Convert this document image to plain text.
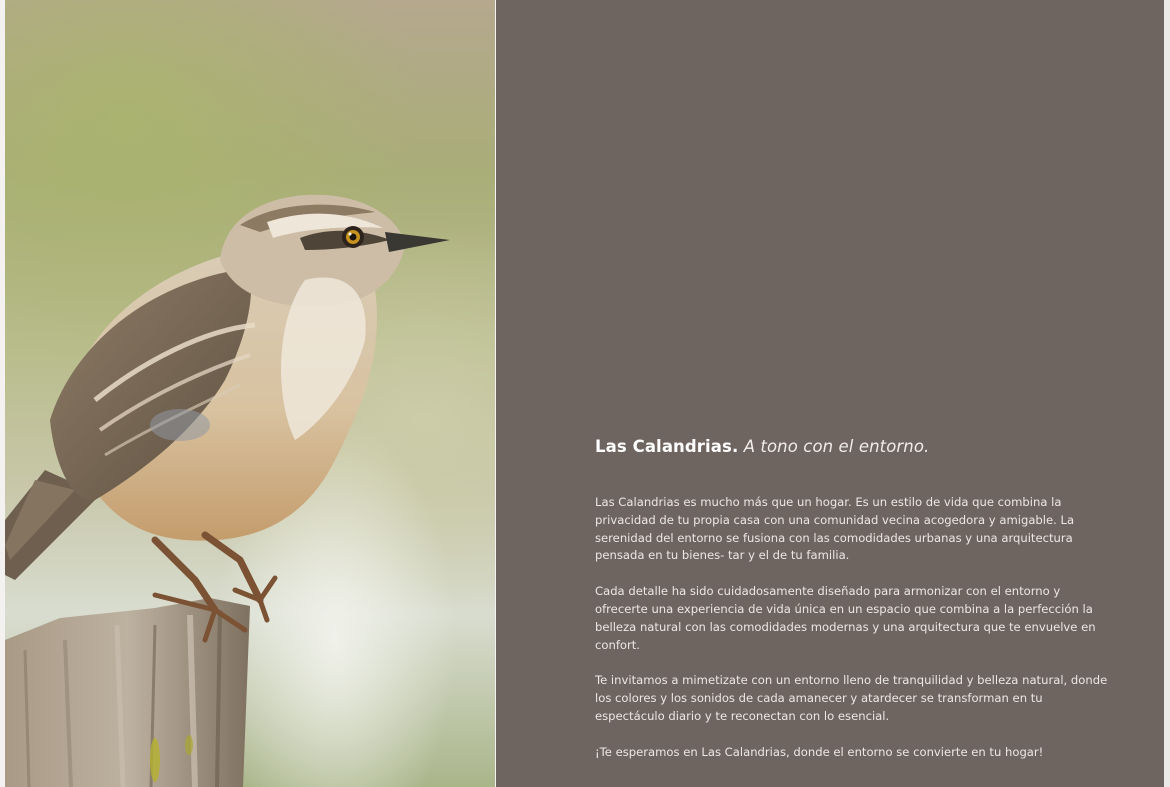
Las Calandrias. A tono con el entorno.

Las Calandrias es mucho más que un hogar. Es un estilo de vida que combina la privacidad de tu propia casa con una comunidad vecina acogedora y amigable. La serenidad del entorno se fusiona con las comodidades urbanas y una arquitectura pensada en tu bienes- tar y el de tu familia.

Cada detalle ha sido cuidadosamente diseñado para armonizar con el entorno y ofrecerte una experiencia de vida única en un espacio que combina a la perfección la belleza natural con las comodidades modernas y una arquitectura que te envuelve en confort.

Te invitamos a mimetizate con un entorno lleno de tranquilidad y belleza natural, donde los colores y los sonidos de cada amanecer y atardecer se transforman en tu espectáculo diario y te reconectan con lo esencial.

¡Te esperamos en Las Calandrias, donde el entorno se convierte en tu hogar!
